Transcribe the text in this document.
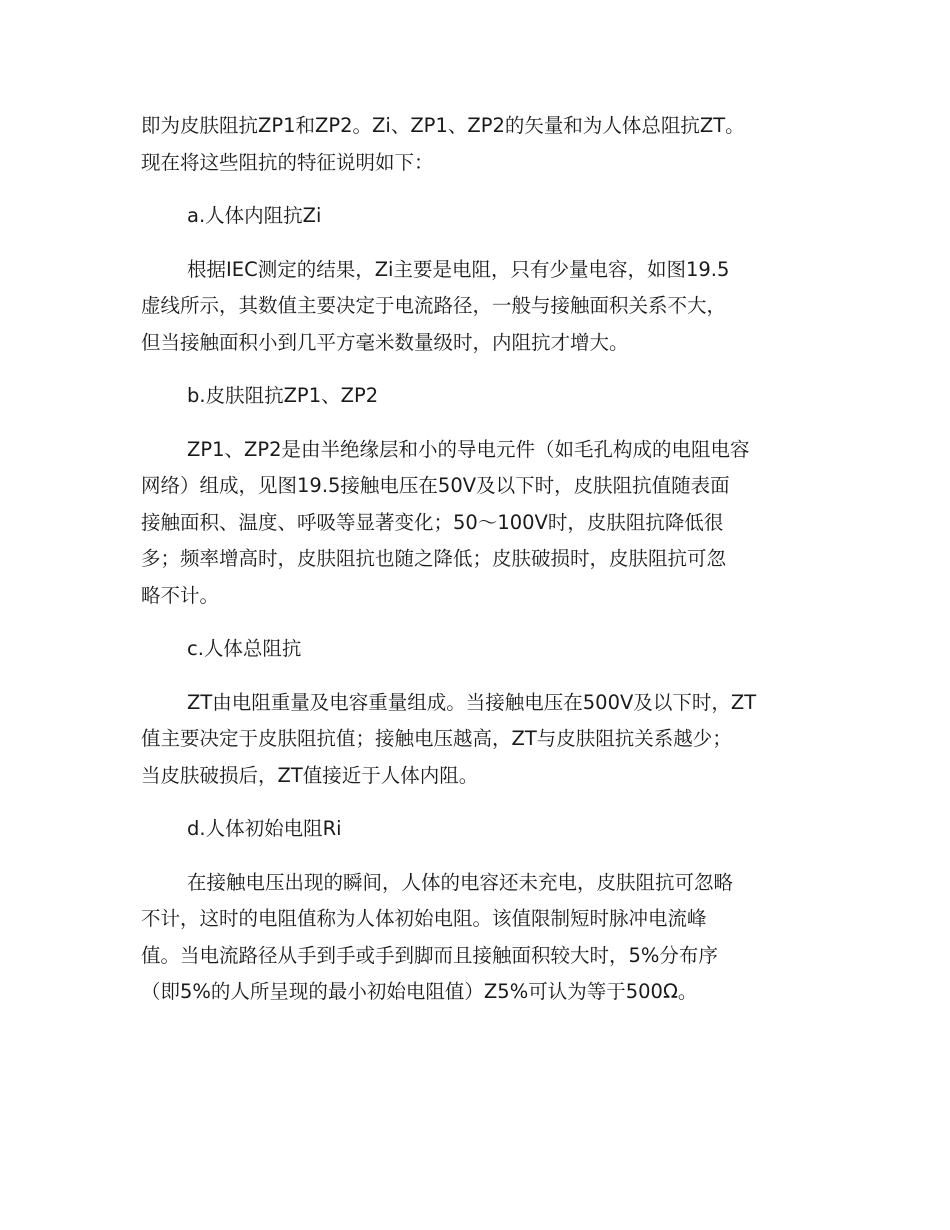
即为皮肤阻抗ZP1和ZP2。Zi、ZP1、ZP2的矢量和为人体总阻抗ZT。
现在将这些阻抗的特征说明如下：

a.人体内阻抗Zi

根据IEC测定的结果，Zi主要是电阻，只有少量电容，如图19.5
虚线所示，其数值主要决定于电流路径，一般与接触面积关系不大，
但当接触面积小到几平方毫米数量级时，内阻抗才增大。

b.皮肤阻抗ZP1、ZP2

ZP1、ZP2是由半绝缘层和小的导电元件（如毛孔构成的电阻电容
网络）组成，见图19.5接触电压在50V及以下时，皮肤阻抗值随表面
接触面积、温度、呼吸等显著变化；50～100V时，皮肤阻抗降低很
多；频率增高时，皮肤阻抗也随之降低；皮肤破损时，皮肤阻抗可忽
略不计。

c.人体总阻抗

ZT由电阻重量及电容重量组成。当接触电压在500V及以下时，ZT
值主要决定于皮肤阻抗值；接触电压越高，ZT与皮肤阻抗关系越少；
当皮肤破损后，ZT值接近于人体内阻。

d.人体初始电阻Ri

在接触电压出现的瞬间，人体的电容还未充电，皮肤阻抗可忽略
不计，这时的电阻值称为人体初始电阻。该值限制短时脉冲电流峰
值。当电流路径从手到手或手到脚而且接触面积较大时，5%分布序
（即5%的人所呈现的最小初始电阻值）Z5%可认为等于500Ω。
